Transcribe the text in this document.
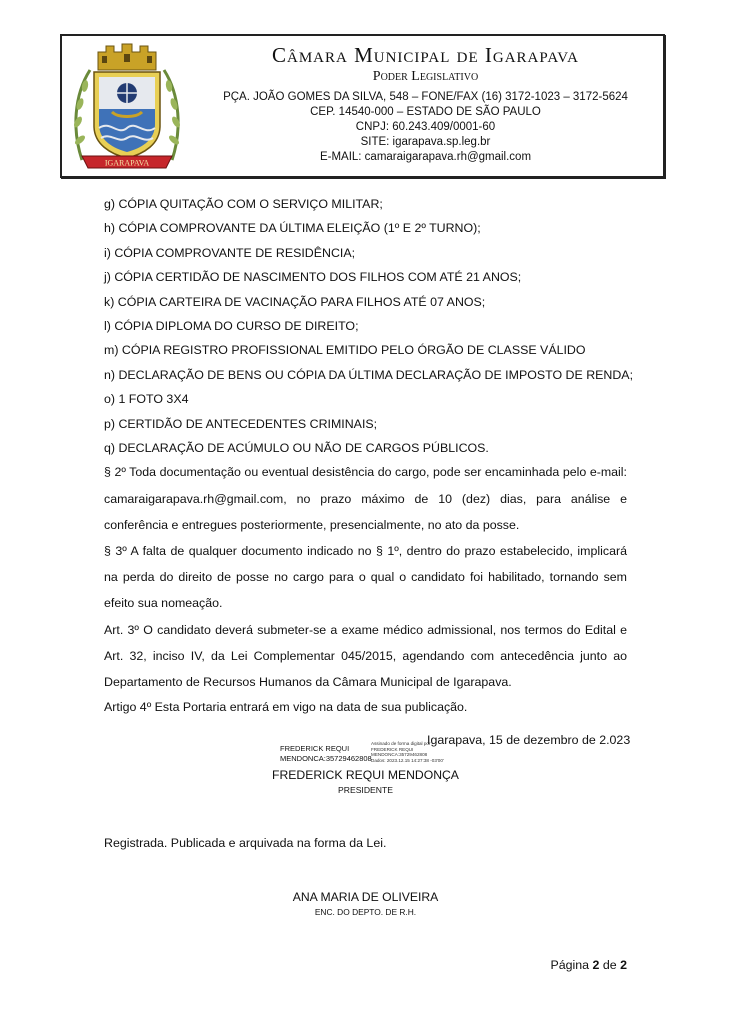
IGARAPAVA
Câmara Municipal de Igarapava
Poder Legislativo
PÇA. JOÃO GOMES DA SILVA, 548 – FONE/FAX (16) 3172-1023 – 3172-5624
CEP. 14540-000 – ESTADO DE SÃO PAULO
CNPJ: 60.243.409/0001-60
SITE: igarapava.sp.leg.br
E-MAIL: camaraigarapava.rh@gmail.com

g) CÓPIA QUITAÇÃO COM O SERVIÇO MILITAR;

h) CÓPIA COMPROVANTE DA ÚLTIMA ELEIÇÃO (1º E 2º TURNO);

i) CÓPIA COMPROVANTE DE RESIDÊNCIA;

j) CÓPIA CERTIDÃO DE NASCIMENTO DOS FILHOS COM ATÉ 21 ANOS;

k) CÓPIA CARTEIRA DE VACINAÇÃO PARA FILHOS ATÉ 07 ANOS;

l) CÓPIA DIPLOMA DO CURSO DE DIREITO;

m) CÓPIA REGISTRO PROFISSIONAL EMITIDO PELO ÓRGÃO DE CLASSE VÁLIDO

n) DECLARAÇÃO DE BENS OU CÓPIA DA ÚLTIMA DECLARAÇÃO DE IMPOSTO DE RENDA;

o) 1 FOTO 3X4

p) CERTIDÃO DE ANTECEDENTES CRIMINAIS;

q) DECLARAÇÃO DE ACÚMULO OU NÃO DE CARGOS PÚBLICOS.

§ 2º Toda documentação ou eventual desistência do cargo, pode ser encaminhada pelo e-mail: camaraigarapava.rh@gmail.com, no prazo máximo de 10 (dez) dias, para análise e conferência e entregues posteriormente, presencialmente, no ato da posse.

§ 3º A falta de qualquer documento indicado no § 1º, dentro do prazo estabelecido, implicará na perda do direito de posse no cargo para o qual o candidato foi habilitado, tornando sem efeito sua nomeação.

Art. 3º O candidato deverá submeter-se a exame médico admissional, nos termos do Edital e Art. 32, inciso IV, da Lei Complementar 045/2015, agendando com antecedência junto ao Departamento de Recursos Humanos da Câmara Municipal de Igarapava.

Artigo 4º Esta Portaria entrará em vigo na data de sua publicação.

Igarapava, 15 de dezembro de 2.023
FREDERICK REQUI
MENDONCA:35729462808
Assinado de forma digital por
FREDERICK REQUI
MENDONCA:35729462808
Dados: 2023.12.15 14:27:38 -03'00'
FREDERICK REQUI MENDONÇA
PRESIDENTE
Registrada. Publicada e arquivada na forma da Lei.
ANA MARIA DE OLIVEIRA
ENC. DO DEPTO. DE R.H.
Página 2 de 2
